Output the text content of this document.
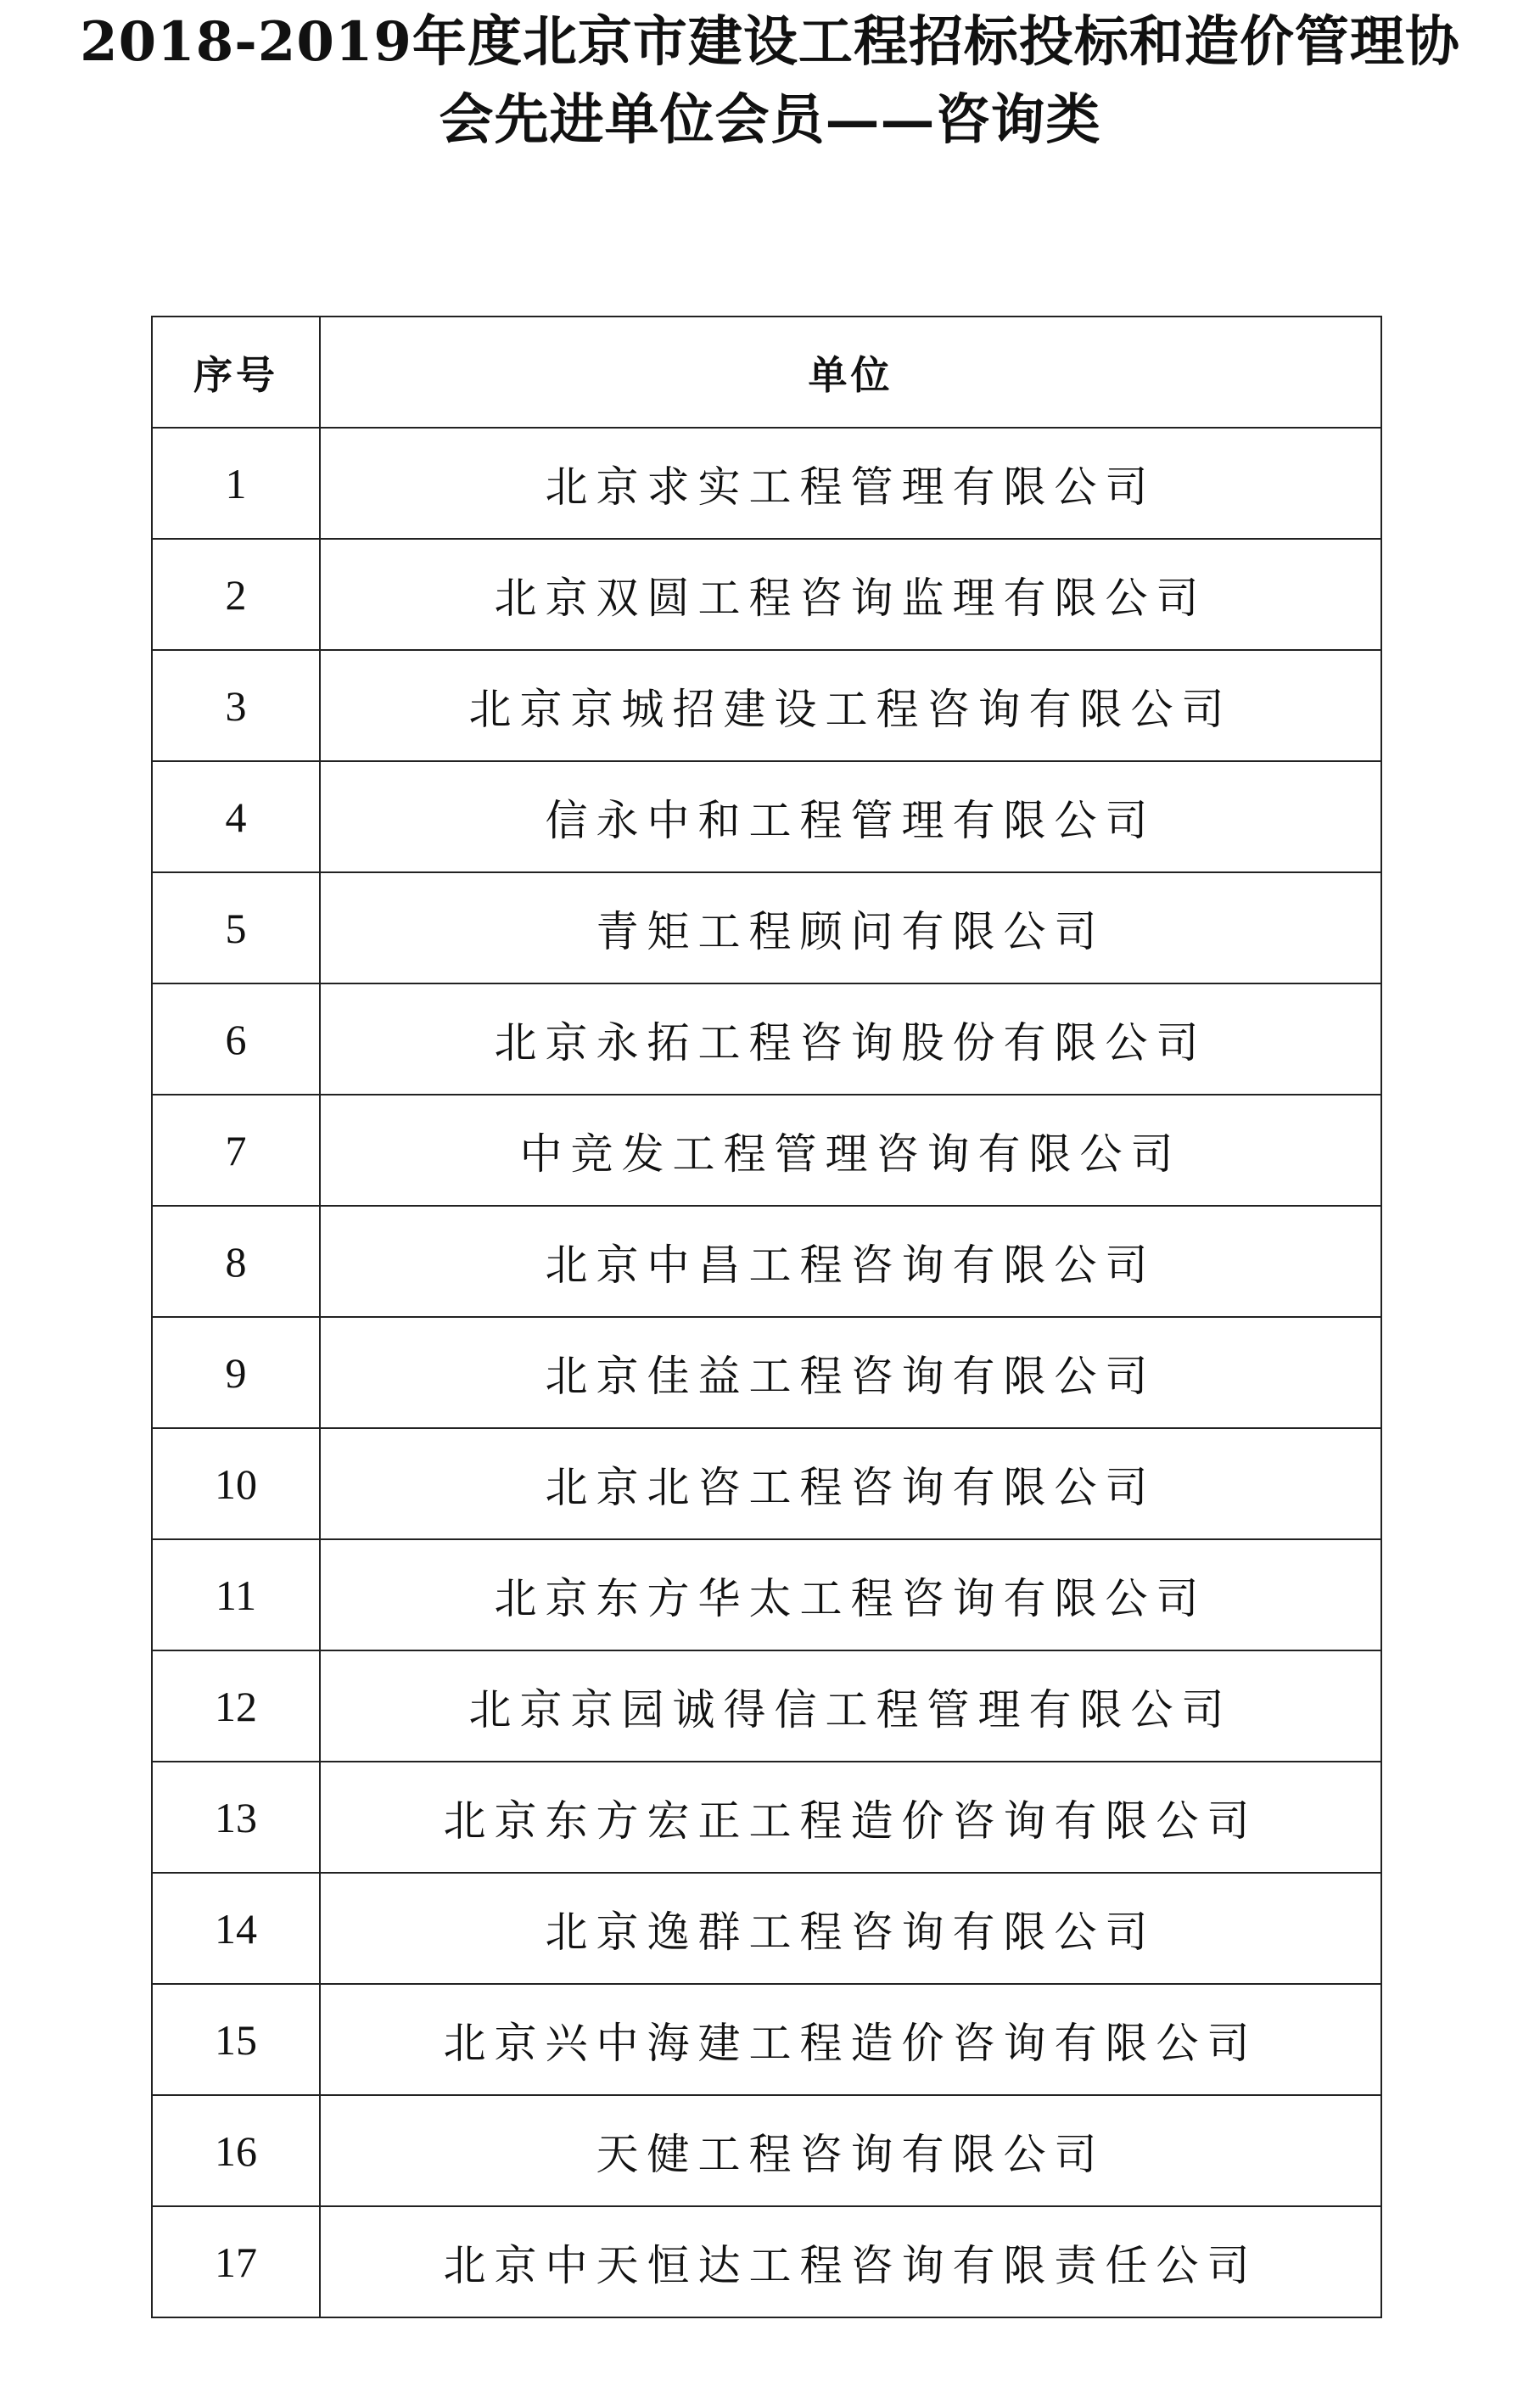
2018-2019年度北京市建设工程招标投标和造价管理协
会先进单位会员——咨询类
序号	单位
1	北京求实工程管理有限公司
2	北京双圆工程咨询监理有限公司
3	北京京城招建设工程咨询有限公司
4	信永中和工程管理有限公司
5	青矩工程顾问有限公司
6	北京永拓工程咨询股份有限公司
7	中竞发工程管理咨询有限公司
8	北京中昌工程咨询有限公司
9	北京佳益工程咨询有限公司
10	北京北咨工程咨询有限公司
11	北京东方华太工程咨询有限公司
12	北京京园诚得信工程管理有限公司
13	北京东方宏正工程造价咨询有限公司
14	北京逸群工程咨询有限公司
15	北京兴中海建工程造价咨询有限公司
16	天健工程咨询有限公司
17	北京中天恒达工程咨询有限责任公司
